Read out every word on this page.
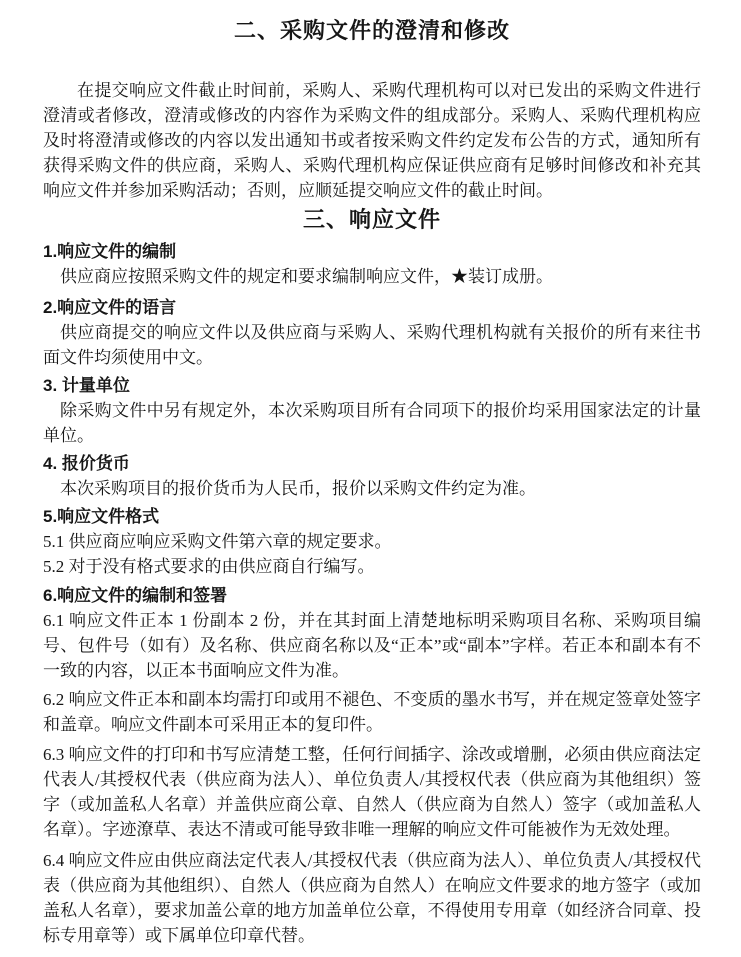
二、采购文件的澄清和修改

在提交响应文件截止时间前，采购人、采购代理机构可以对已发出的采购文件进行澄清或者修改，澄清或修改的内容作为采购文件的组成部分。采购人、采购代理机构应及时将澄清或修改的内容以发出通知书或者按采购文件约定发布公告的方式，通知所有获得采购文件的供应商，采购人、采购代理机构应保证供应商有足够时间修改和补充其响应文件并参加采购活动；否则，应顺延提交响应文件的截止时间。

三、响应文件
1.响应文件的编制

供应商应按照采购文件的规定和要求编制响应文件，★装订成册。

2.响应文件的语言

供应商提交的响应文件以及供应商与采购人、采购代理机构就有关报价的所有来往书面文件均须使用中文。

3. 计量单位

除采购文件中另有规定外，本次采购项目所有合同项下的报价均采用国家法定的计量单位。

4. 报价货币

本次采购项目的报价货币为人民币，报价以采购文件约定为准。

5.响应文件格式

5.1 供应商应响应采购文件第六章的规定要求。

5.2 对于没有格式要求的由供应商自行编写。

6.响应文件的编制和签署

6.1 响应文件正本 1 份副本 2 份，并在其封面上清楚地标明采购项目名称、采购项目编号、包件号（如有）及名称、供应商名称以及“正本”或“副本”字样。若正本和副本有不一致的内容，以正本书面响应文件为准。

6.2 响应文件正本和副本均需打印或用不褪色、不变质的墨水书写，并在规定签章处签字和盖章。响应文件副本可采用正本的复印件。

6.3 响应文件的打印和书写应清楚工整，任何行间插字、涂改或增删，必须由供应商法定代表人/其授权代表（供应商为法人）、单位负责人/其授权代表（供应商为其他组织）签字（或加盖私人名章）并盖供应商公章、自然人（供应商为自然人）签字（或加盖私人名章）。字迹潦草、表达不清或可能导致非唯一理解的响应文件可能被作为无效处理。

6.4 响应文件应由供应商法定代表人/其授权代表（供应商为法人）、单位负责人/其授权代表（供应商为其他组织）、自然人（供应商为自然人）在响应文件要求的地方签字（或加盖私人名章），要求加盖公章的地方加盖单位公章，不得使用专用章（如经济合同章、投标专用章等）或下属单位印章代替。
